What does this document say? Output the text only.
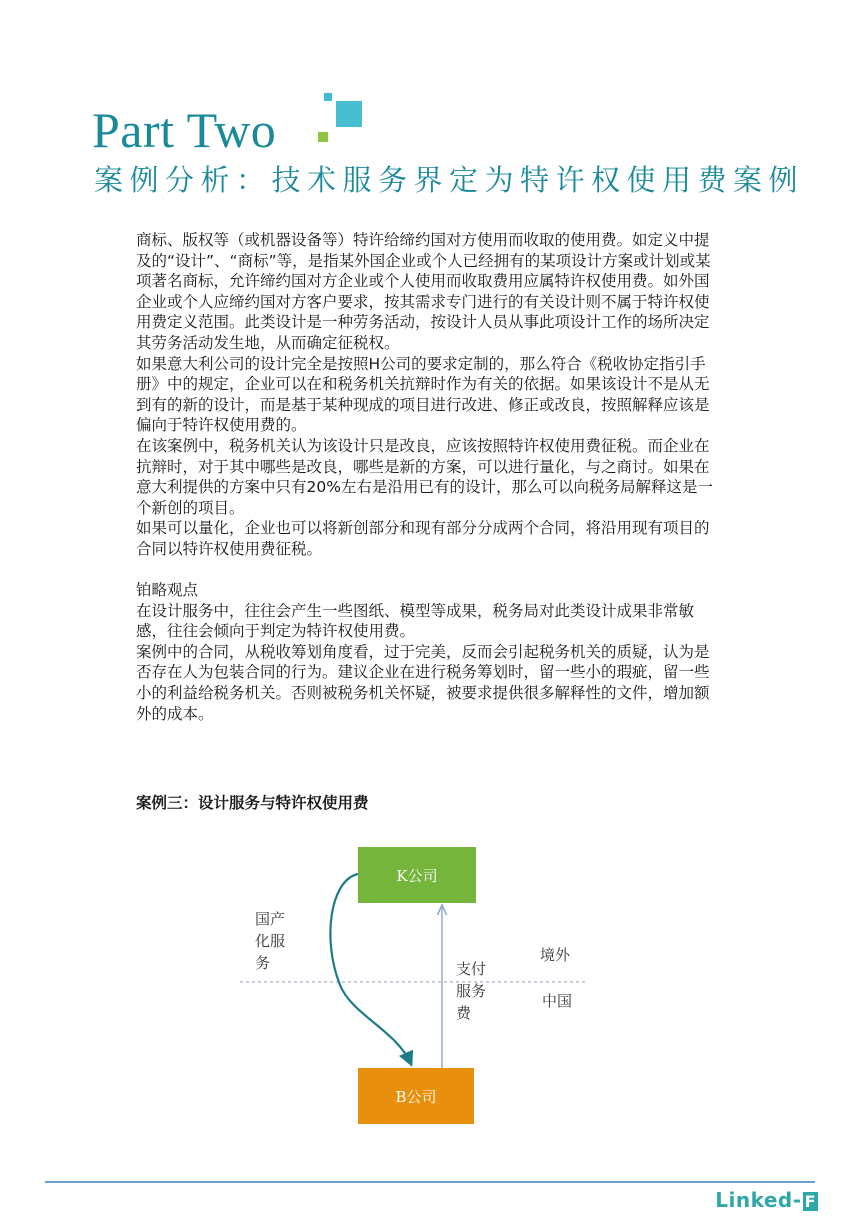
Part Two
案例分析：技术服务界定为特许权使用费案例

商标、版权等（或机器设备等）特许给缔约国对方使用而收取的使用费。如定义中提及的“设计”、“商标”等，是指某外国企业或个人已经拥有的某项设计方案或计划或某项著名商标，允许缔约国对方企业或个人使用而收取费用应属特许权使用费。如外国企业或个人应缔约国对方客户要求，按其需求专门进行的有关设计则不属于特许权使用费定义范围。此类设计是一种劳务活动，按设计人员从事此项设计工作的场所决定其劳务活动发生地，从而确定征税权。

如果意大利公司的设计完全是按照H公司的要求定制的，那么符合《税收协定指引手册》中的规定，企业可以在和税务机关抗辩时作为有关的依据。如果该设计不是从无到有的新的设计，而是基于某种现成的项目进行改进、修正或改良，按照解释应该是偏向于特许权使用费的。

在该案例中，税务机关认为该设计只是改良，应该按照特许权使用费征税。而企业在抗辩时，对于其中哪些是改良，哪些是新的方案，可以进行量化，与之商讨。如果在意大利提供的方案中只有20%左右是沿用已有的设计，那么可以向税务局解释这是一个新创的项目。

如果可以量化，企业也可以将新创部分和现有部分分成两个合同，将沿用现有项目的合同以特许权使用费征税。

铂略观点

在设计服务中，往往会产生一些图纸、模型等成果，税务局对此类设计成果非常敏感，往往会倾向于判定为特许权使用费。

案例中的合同，从税收筹划角度看，过于完美，反而会引起税务机关的质疑，认为是否存在人为包装合同的行为。建议企业在进行税务筹划时，留一些小的瑕疵，留一些小的利益给税务机关。否则被税务机关怀疑，被要求提供很多解释性的文件，增加额外的成本。

案例三：设计服务与特许权使用费
K公司
B公司
国产
化服
务	支付
服务
费
境外
中国
Linked- F
